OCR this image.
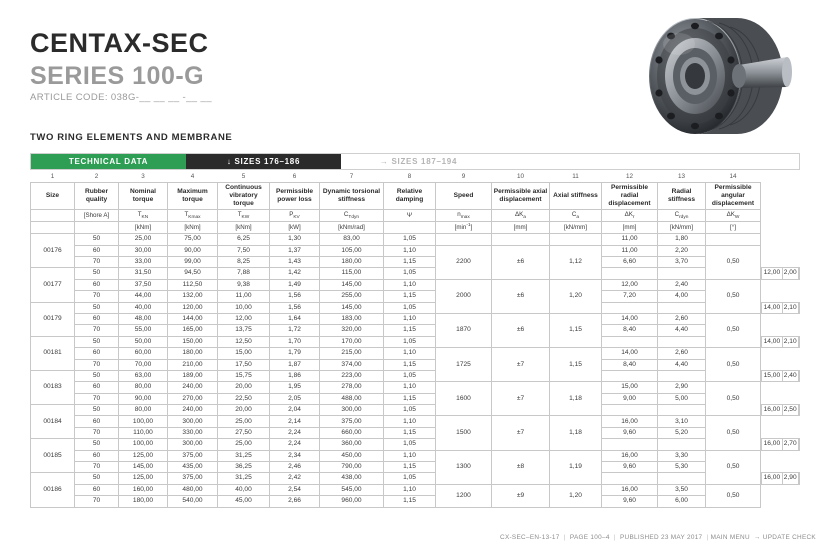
CENTAX-SEC
SERIES 100-G
ARTICLE CODE: 038G-__ __ __ -__ __
TWO RING ELEMENTS AND MEMBRANE
TECHNICAL DATA	↓ SIZES 176–186	→ SIZES 187–194
1	2	3	4	5	6	7	8	9	10	11	12	13	14			
Size	Rubber quality	Nominal torque	Maximum torque	Continuous vibratory torque	Permissible power loss	Dynamic torsional stiffness	Relative damping	Speed	Permissible axial displacement	Axial stiffness	Permissible radial displacement	Radial stiffness	Permissible angular displacement			
	[Shore A]	$T_{KN}$	$T_{Kmax}$	$T_{KW}$	$P_{KV}$	$C_{Tdyn}$	Ψ	$n_{max}$	$\Delta K_a$	$C_a$	$\Delta K_r$	$C_{rdyn}$	$\Delta K_W$
		[kNm]	[kNm]	[kNm]	[kW]	[kNm/rad]		$[\min^{-1}]$	[mm]	[kN/mm]	[mm]	[kN/mm]	[°]			
00176	50	25,00	75,00	6,25	1,30	83,00	1,05				11,00	1,80				
	60	30,00	90,00	7,50	1,37	105,00	1,10	2200	±6	1,12	11,00	2,20	0,50			
	70	33,00	99,00	8,25	1,43	180,00	1,15				6,60	3,70				
00177	50	31,50	94,50	7,88	1,42	115,00	1,05							12,00	2,00	
	60	37,50	112,50	9,38	1,49	145,00	1,10	2000	±6	1,20	12,00	2,40	0,50			
	70	44,00	132,00	11,00	1,56	255,00	1,15				7,20	4,00				
00179	50	40,00	120,00	10,00	1,56	145,00	1,05							14,00	2,10	
	60	48,00	144,00	12,00	1,64	183,00	1,10	1870	±6	1,15	14,00	2,60	0,50			
	70	55,00	165,00	13,75	1,72	320,00	1,15				8,40	4,40				
00181	50	50,00	150,00	12,50	1,70	170,00	1,05							14,00	2,10	
	60	60,00	180,00	15,00	1,79	215,00	1,10	1725	±7	1,15	14,00	2,60	0,50			
	70	70,00	210,00	17,50	1,87	374,00	1,15				8,40	4,40				
00183	50	63,00	189,00	15,75	1,86	223,00	1,05							15,00	2,40	
	60	80,00	240,00	20,00	1,95	278,00	1,10	1600	±7	1,18	15,00	2,90	0,50			
	70	90,00	270,00	22,50	2,05	488,00	1,15				9,00	5,00				
00184	50	80,00	240,00	20,00	2,04	300,00	1,05							16,00	2,50	
	60	100,00	300,00	25,00	2,14	375,00	1,10	1500	±7	1,18	16,00	3,10	0,50			
	70	110,00	330,00	27,50	2,24	660,00	1,15				9,60	5,20				
00185	50	100,00	300,00	25,00	2,24	360,00	1,05							16,00	2,70	
	60	125,00	375,00	31,25	2,34	450,00	1,10	1300	±8	1,19	16,00	3,30	0,50			
	70	145,00	435,00	36,25	2,46	790,00	1,15				9,60	5,30				
00186	50	125,00	375,00	31,25	2,42	438,00	1,05							16,00	2,90	
	60	160,00	480,00	40,00	2,54	545,00	1,10	1200	±9	1,20	16,00	3,50	0,50			
	70	180,00	540,00	45,00	2,66	960,00	1,15				9,60	6,00				
CX-SEC–EN-13-17  |  PAGE 100–4  |  PUBLISHED 23 MAY 2017  | MAIN MENU → UPDATE CHECK
